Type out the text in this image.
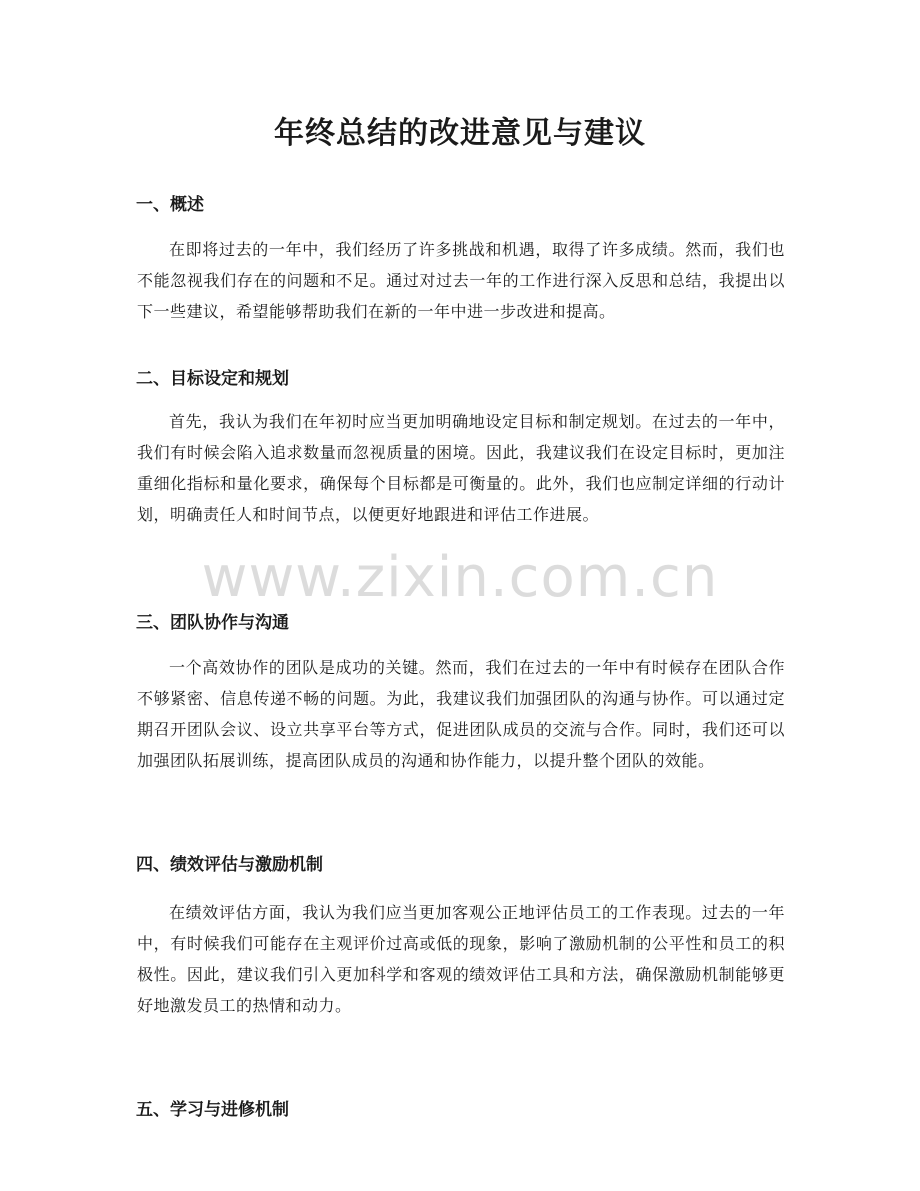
年终总结的改进意见与建议
一、概述

在即将过去的一年中，我们经历了许多挑战和机遇，取得了许多成绩。然而，我们也不能忽视我们存在的问题和不足。通过对过去一年的工作进行深入反思和总结，我提出以下一些建议，希望能够帮助我们在新的一年中进一步改进和提高。

二、目标设定和规划

首先，我认为我们在年初时应当更加明确地设定目标和制定规划。在过去的一年中，我们有时候会陷入追求数量而忽视质量的困境。因此，我建议我们在设定目标时，更加注重细化指标和量化要求，确保每个目标都是可衡量的。此外，我们也应制定详细的行动计划，明确责任人和时间节点，以便更好地跟进和评估工作进展。

www.zixin.com.cn
三、团队协作与沟通

一个高效协作的团队是成功的关键。然而，我们在过去的一年中有时候存在团队合作不够紧密、信息传递不畅的问题。为此，我建议我们加强团队的沟通与协作。可以通过定期召开团队会议、设立共享平台等方式，促进团队成员的交流与合作。同时，我们还可以加强团队拓展训练，提高团队成员的沟通和协作能力，以提升整个团队的效能。

四、绩效评估与激励机制

在绩效评估方面，我认为我们应当更加客观公正地评估员工的工作表现。过去的一年中，有时候我们可能存在主观评价过高或低的现象，影响了激励机制的公平性和员工的积极性。因此，建议我们引入更加科学和客观的绩效评估工具和方法，确保激励机制能够更好地激发员工的热情和动力。

五、学习与进修机制
